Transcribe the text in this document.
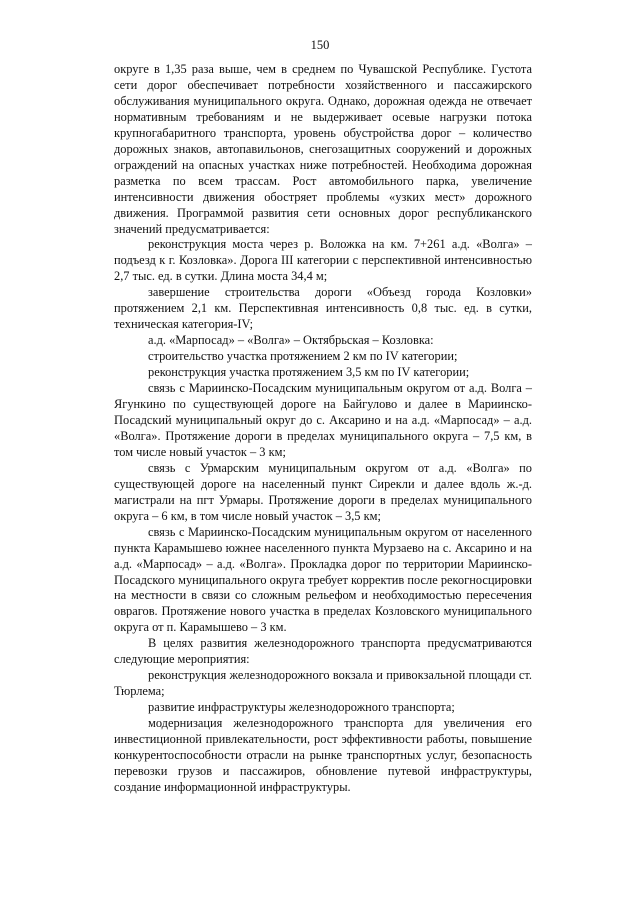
150

округе в 1,35 раза выше, чем в среднем по Чувашской Республике. Густота сети дорог обеспечивает потребности хозяйственного и пассажирского обслуживания муниципального округа. Однако, дорожная одежда не отвечает нормативным требованиям и не выдерживает осевые нагрузки потока крупногабаритного транспорта, уровень обустройства дорог – количество дорожных знаков, автопавильонов, снегозащитных сооружений и дорожных ограждений на опасных участках ниже потребностей. Необходима дорожная разметка по всем трассам. Рост автомобильного парка, увеличение интенсивности движения обостряет проблемы «узких мест» дорожного движения. Программой развития сети основных дорог республиканского значений предусматривается:

реконструкция моста через р. Воложка на км. 7+261 а.д. «Волга» – подъезд к г. Козловка». Дорога III категории с перспективной интенсивностью 2,7 тыс. ед. в сутки. Длина моста 34,4 м;

завершение строительства дороги «Объезд города Козловки» протяжением 2,1 км. Перспективная интенсивность 0,8 тыс. ед. в сутки, техническая категория-IV;

а.д. «Марпосад» – «Волга» – Октябрьская – Козловка:

строительство участка протяжением 2 км по IV категории;

реконструкция участка протяжением 3,5 км по IV категории;

связь с Мариинско-Посадским муниципальным округом от а.д. Волга – Ягункино по существующей дороге на Байгулово и далее в Мариинско-Посадский муниципальный округ до с. Аксарино и на а.д. «Марпосад» – а.д. «Волга». Протяжение дороги в пределах муниципального округа – 7,5 км, в том числе новый участок – 3 км;

связь с Урмарским муниципальным округом от а.д. «Волга» по существующей дороге на населенный пункт Сирекли и далее вдоль ж.-д. магистрали на пгт Урмары. Протяжение дороги в пределах муниципального округа – 6 км, в том числе новый участок – 3,5 км;

связь с Мариинско-Посадским муниципальным округом от населенного пункта Карамышево южнее населенного пункта Мурзаево на с. Аксарино и на а.д. «Марпосад» – а.д. «Волга». Прокладка дорог по территории Мариинско-Посадского муниципального округа требует корректив после рекогносцировки на местности в связи со сложным рельефом и необходимостью пересечения оврагов. Протяжение нового участка в пределах Козловского муниципального округа от п. Карамышево – 3 км.

В целях развития железнодорожного транспорта предусматриваются следующие мероприятия:

реконструкция железнодорожного вокзала и привокзальной площади ст. Тюрлема;

развитие инфраструктуры железнодорожного транспорта;

модернизация железнодорожного транспорта для увеличения его инвестиционной привлекательности, рост эффективности работы, повышение конкурентоспособности отрасли на рынке транспортных услуг, безопасность перевозки грузов и пассажиров, обновление путевой инфраструктуры, создание информационной инфраструктуры.
